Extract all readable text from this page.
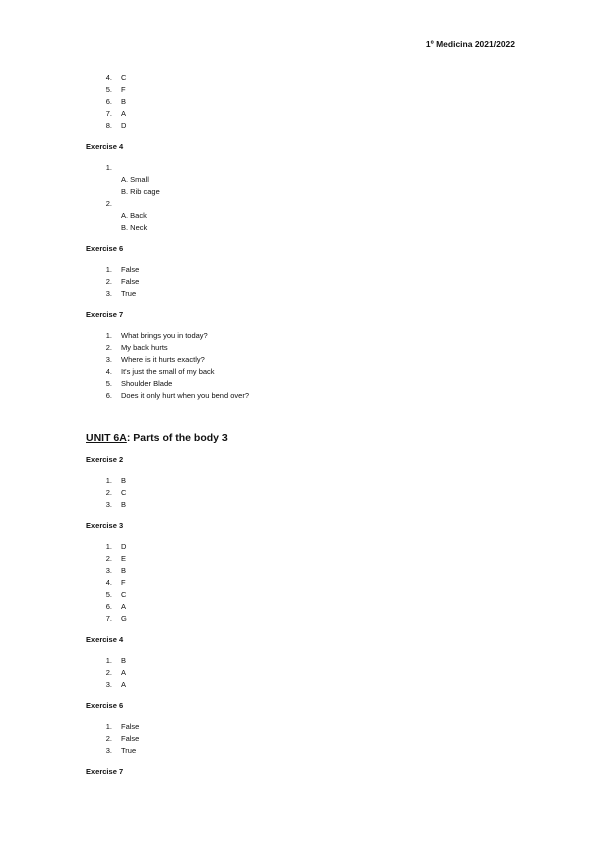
1º Medicina 2021/2022
4. C
5. F
6. B
7. A
8. D

Exercise 4

1.
A. Small
B. Rib cage
2.
A. Back
B. Neck

Exercise 6

1. False
2. False
3. True

Exercise 7

1. What brings you in today?
2. My back hurts
3. Where is it hurts exactly?
4. It's just the small of my back
5. Shoulder Blade
6. Does it only hurt when you bend over?

UNIT 6A: Parts of the body 3

Exercise 2

1. B
2. C
3. B

Exercise 3

1. D
2. E
3. B
4. F
5. C
6. A
7. G

Exercise 4

1. B
2. A
3. A

Exercise 6

1. False
2. False
3. True

Exercise 7
